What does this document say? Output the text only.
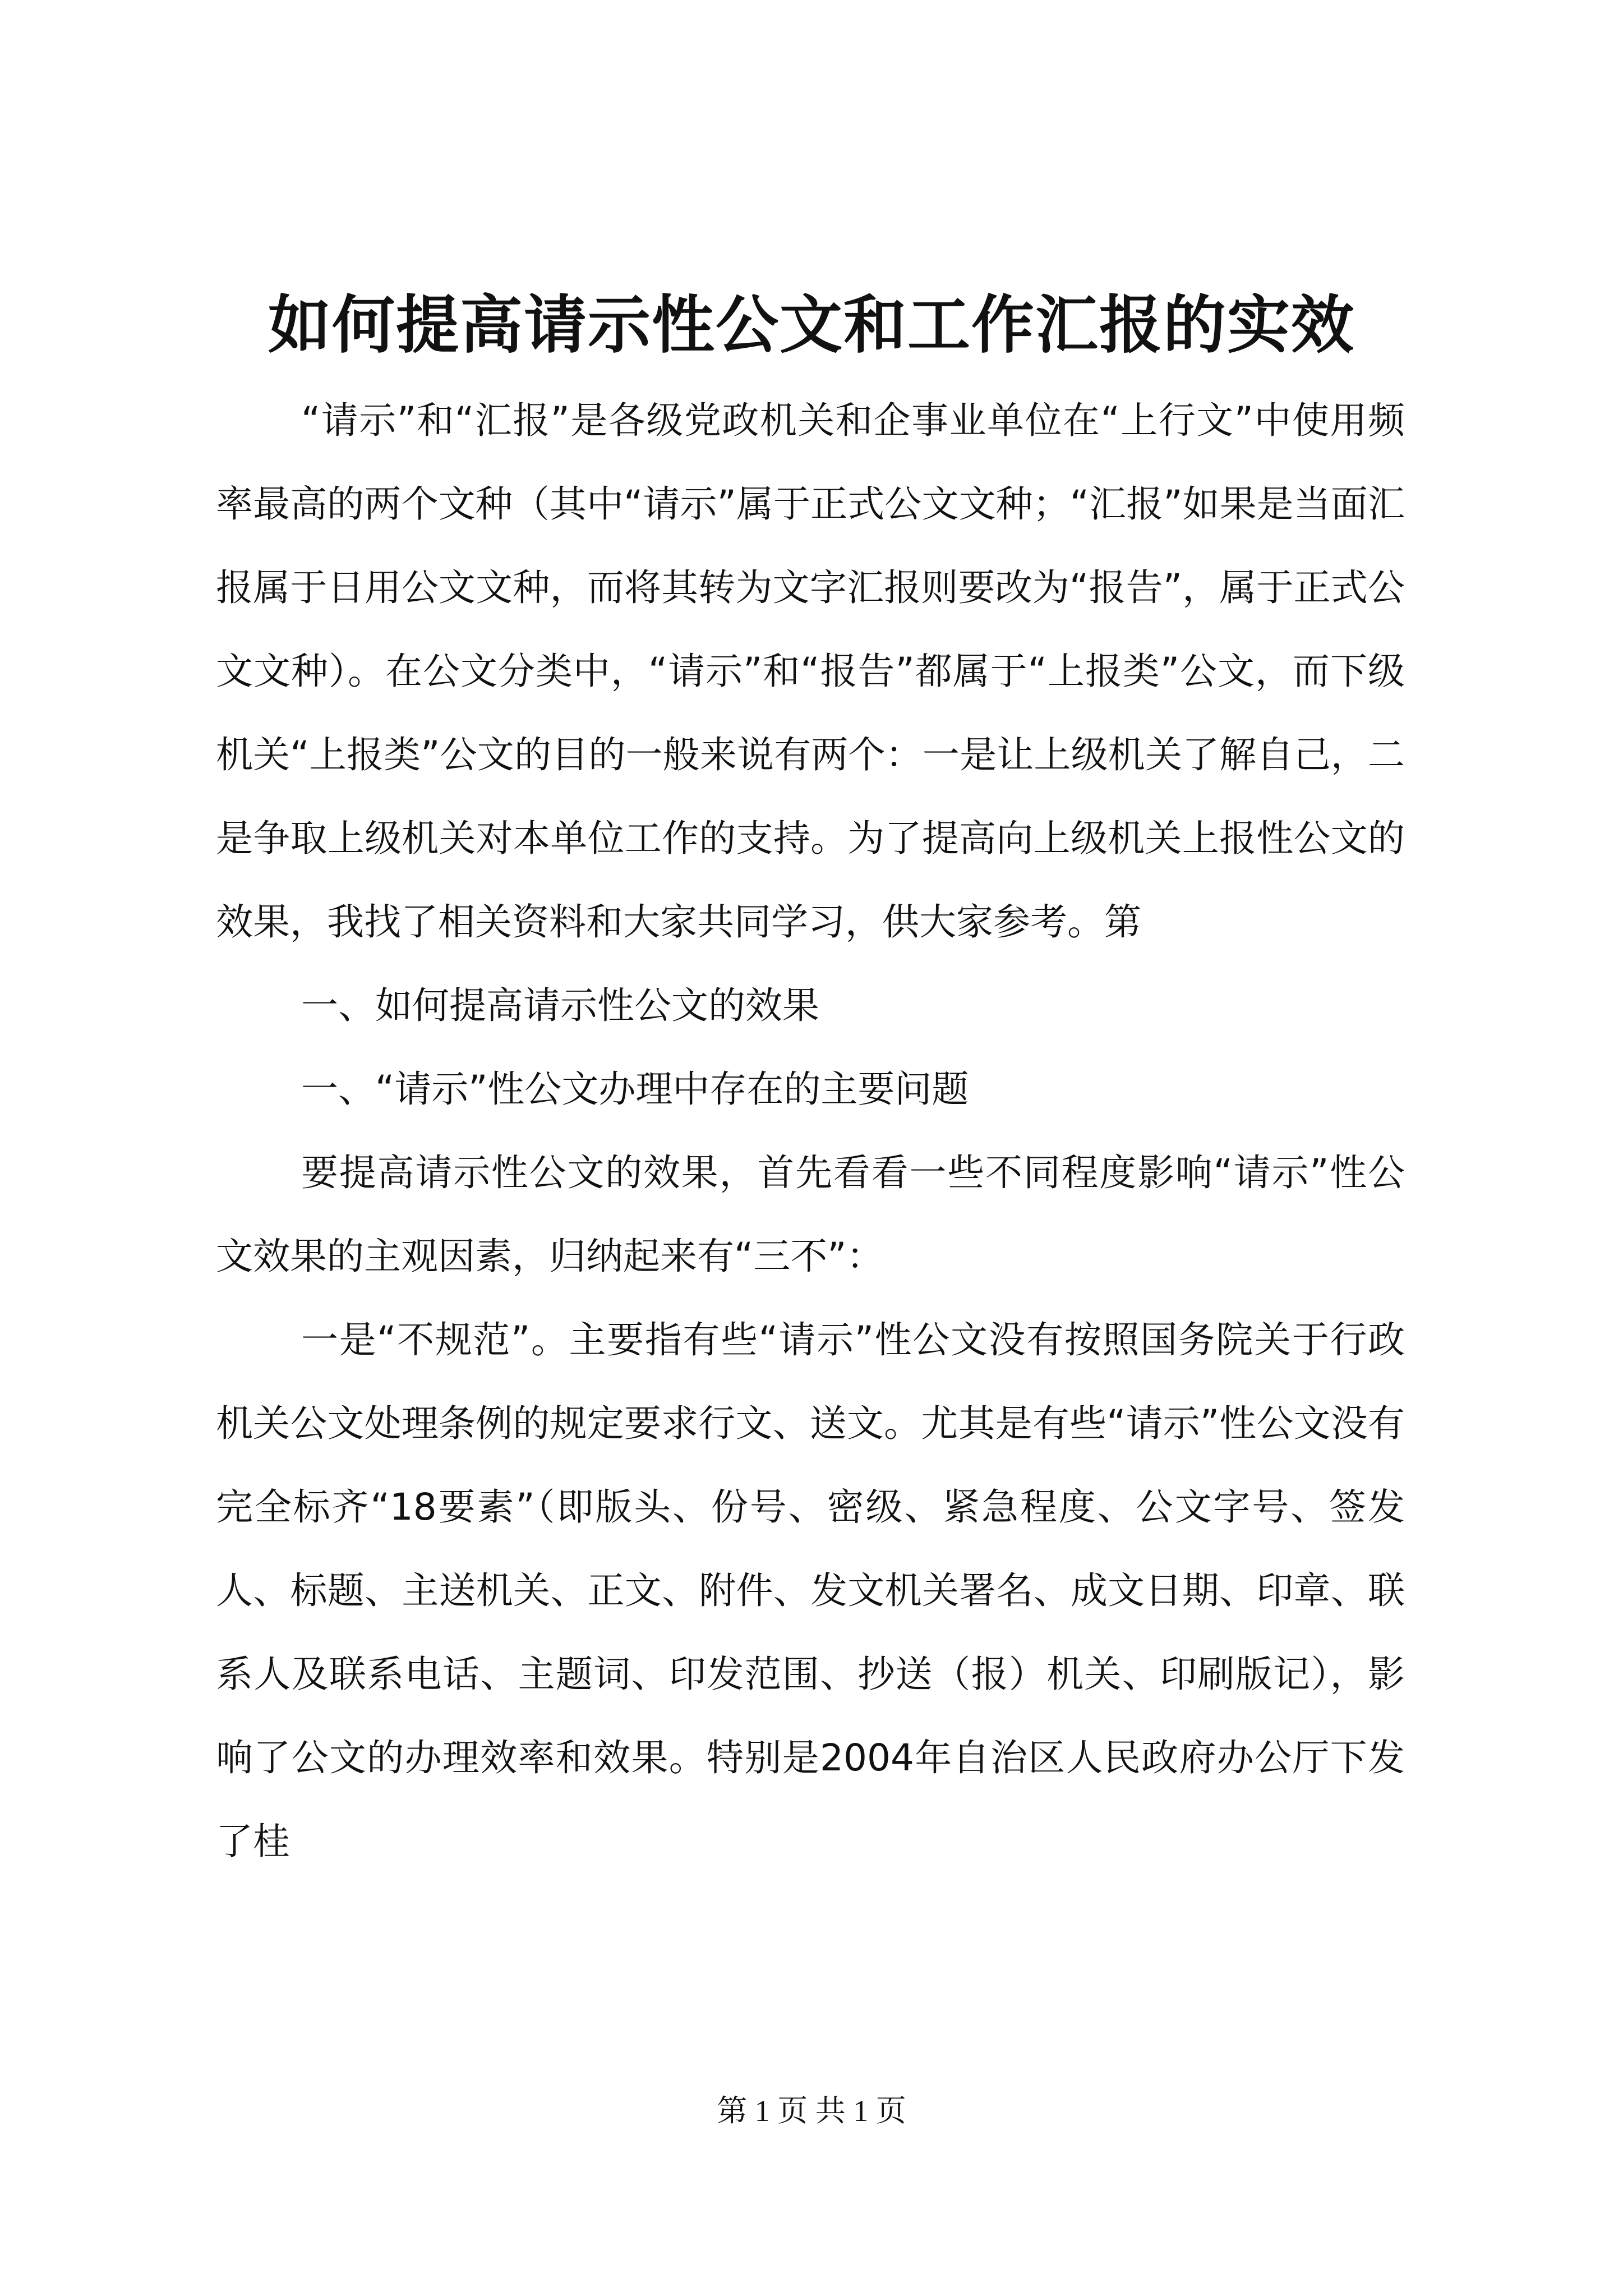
如何提高请示性公文和工作汇报的实效

“请示”和“汇报”是各级党政机关和企事业单位在“上行文”中使用频率最高的两个文种（其中“请示”属于正式公文文种；“汇报”如果是当面汇报属于日用公文文种，而将其转为文字汇报则要改为“报告”，属于正式公文文种）。在公文分类中，“请示”和“报告”都属于“上报类”公文，而下级机关“上报类”公文的目的一般来说有两个：一是让上级机关了解自己，二是争取上级机关对本单位工作的支持。为了提高向上级机关上报性公文的效果，我找了相关资料和大家共同学习，供大家参考。第

一、如何提高请示性公文的效果

一、“请示”性公文办理中存在的主要问题

要提高请示性公文的效果，首先看看一些不同程度影响“请示”性公文效果的主观因素，归纳起来有“三不”：

一是“不规范”。主要指有些“请示”性公文没有按照国务院关于行政机关公文处理条例的规定要求行文、送文。尤其是有些“请示”性公文没有完全标齐“18要素”（即版头、份号、密级、紧急程度、公文字号、签发人、标题、主送机关、正文、附件、发文机关署名、成文日期、印章、联系人及联系电话、主题词、印发范围、抄送（报）机关、印刷版记），影响了公文的办理效率和效果。特别是2004年自治区人民政府办公厅下发了桂

第 1 页 共 1 页
